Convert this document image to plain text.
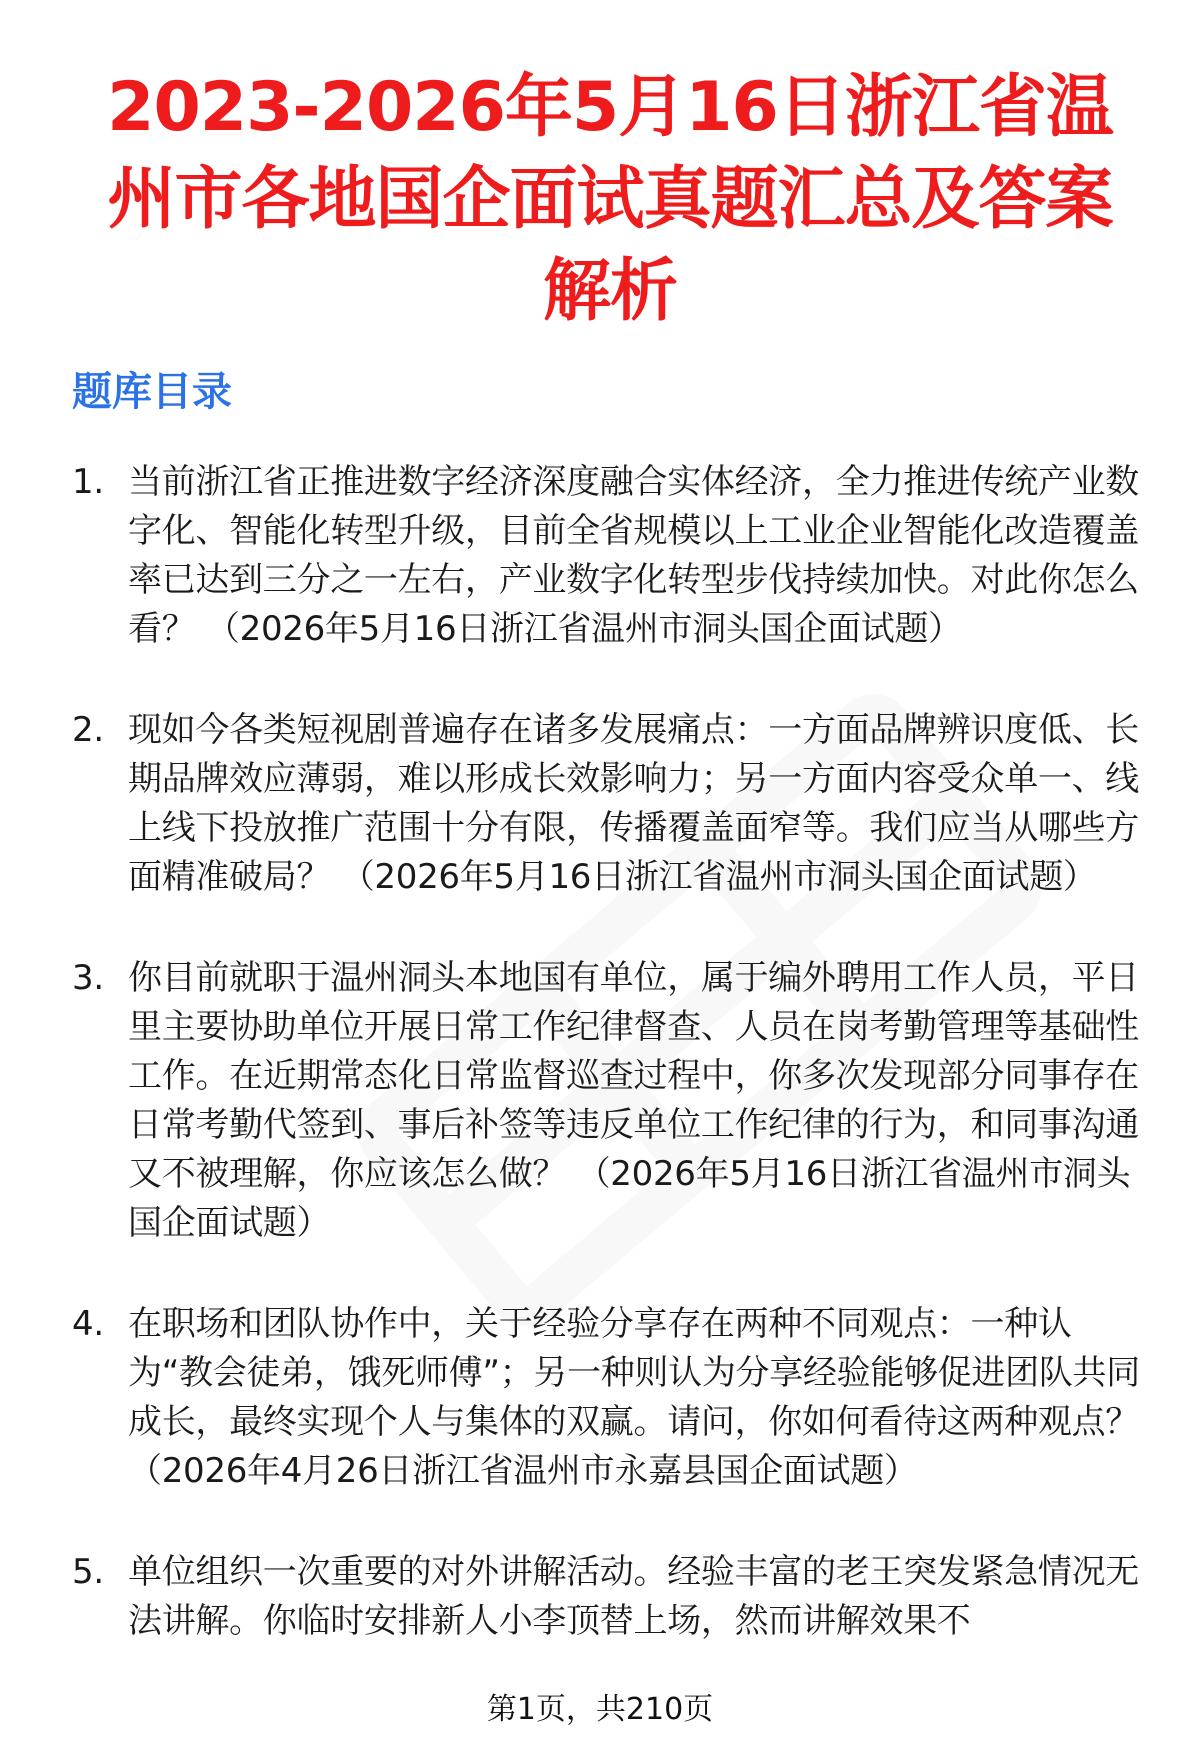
2023-2026年5月16日浙江省温州市各地国企面试真题汇总及答案解析
题库目录
1. 当前浙江省正推进数字经济深度融合实体经济，全力推进传统产业数字化、智能化转型升级，目前全省规模以上工业企业智能化改造覆盖率已达到三分之一左右，产业数字化转型步伐持续加快。对此你怎么看？ （2026年5月16日浙江省温州市洞头国企面试题）
2. 现如今各类短视剧普遍存在诸多发展痛点：一方面品牌辨识度低、长期品牌效应薄弱，难以形成长效影响力；另一方面内容受众单一、线上线下投放推广范围十分有限，传播覆盖面窄等。我们应当从哪些方面精准破局？ （2026年5月16日浙江省温州市洞头国企面试题）
3. 你目前就职于温州洞头本地国有单位，属于编外聘用工作人员，平日里主要协助单位开展日常工作纪律督查、人员在岗考勤管理等基础性工作。在近期常态化日常监督巡查过程中，你多次发现部分同事存在日常考勤代签到、事后补签等违反单位工作纪律的行为，和同事沟通又不被理解，你应该怎么做？ （2026年5月16日浙江省温州市洞头国企面试题）
4. 在职场和团队协作中，关于经验分享存在两种不同观点：一种认为“教会徒弟，饿死师傅”；另一种则认为分享经验能够促进团队共同成长，最终实现个人与集体的双赢。请问，你如何看待这两种观点？ （2026年4月26日浙江省温州市永嘉县国企面试题）
5. 单位组织一次重要的对外讲解活动。经验丰富的老王突发紧急情况无法讲解。你临时安排新人小李顶替上场，然而讲解效果不
第1页，共210页
